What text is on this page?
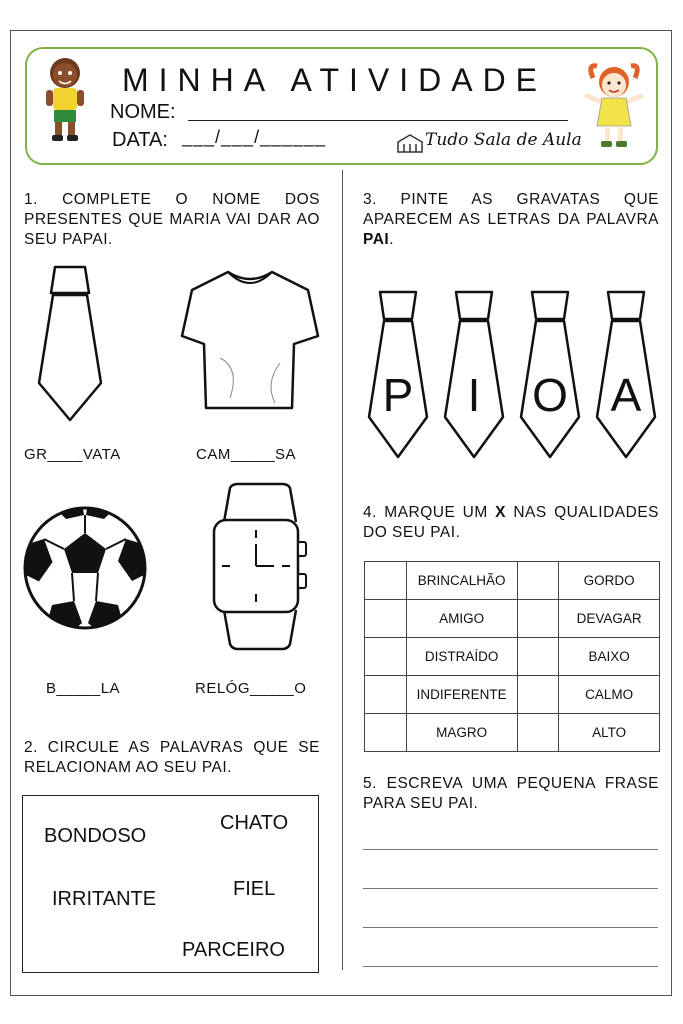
MINHA ATIVIDADE
NOME:
DATA: ___/___/______	Tudo Sala de Aula
1. COMPLETE O NOME DOS PRESENTES QUE MARIA VAI DAR AO SEU PAPAI.
GR____VATA	CAM_____SA
B_____LA	RELÓG_____O
2. CIRCULE AS PALAVRAS QUE SE RELACIONAM AO SEU PAI.
BONDOSO
CHATO
IRRITANTE	FIEL
PARCEIRO
3. PINTE AS GRAVATAS QUE APARECEM AS LETRAS DA PALAVRA PAI.
P I O A
4. MARQUE UM X NAS QUALIDADES DO SEU PAI.
	BRINCALHÃO		GORDO
	AMIGO		DEVAGAR
	DISTRAÍDO		BAIXO
	INDIFERENTE		CALMO
	MAGRO		ALTO
5. ESCREVA UMA PEQUENA FRASE PARA SEU PAI.
